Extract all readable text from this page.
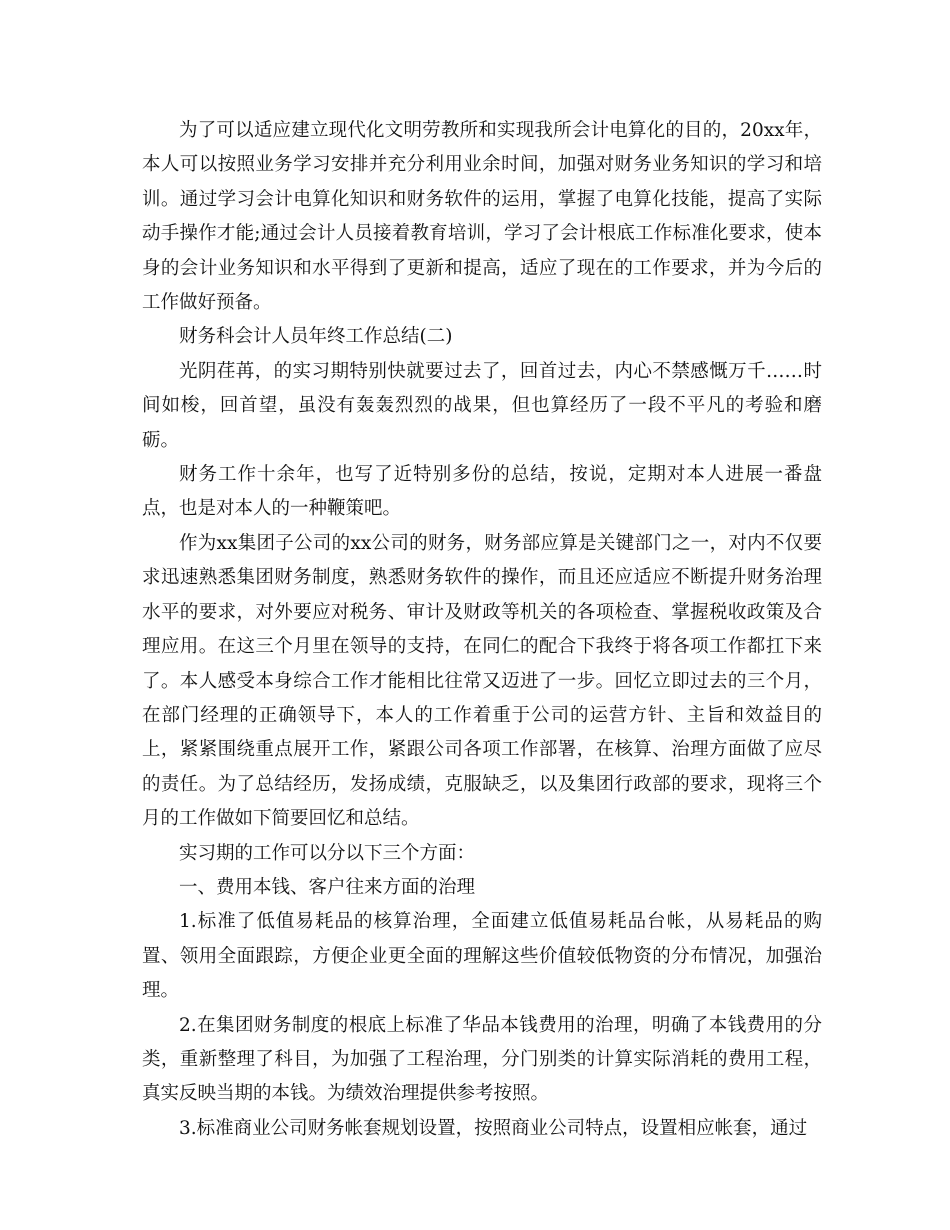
为了可以适应建立现代化文明劳教所和实现我所会计电算化的目的，20xx年，本人可以按照业务学习安排并充分利用业余时间，加强对财务业务知识的学习和培训。通过学习会计电算化知识和财务软件的运用，掌握了电算化技能，提高了实际动手操作才能;通过会计人员接着教育培训，学习了会计根底工作标准化要求，使本身的会计业务知识和水平得到了更新和提高，适应了现在的工作要求，并为今后的工作做好预备。

财务科会计人员年终工作总结(二)

光阴荏苒，的实习期特别快就要过去了，回首过去，内心不禁感慨万千……时间如梭，回首望，虽没有轰轰烈烈的战果，但也算经历了一段不平凡的考验和磨砺。

财务工作十余年，也写了近特别多份的总结，按说，定期对本人进展一番盘点，也是对本人的一种鞭策吧。

作为xx集团子公司的xx公司的财务，财务部应算是关键部门之一，对内不仅要求迅速熟悉集团财务制度，熟悉财务软件的操作，而且还应适应不断提升财务治理水平的要求，对外要应对税务、审计及财政等机关的各项检查、掌握税收政策及合理应用。在这三个月里在领导的支持，在同仁的配合下我终于将各项工作都扛下来了。本人感受本身综合工作才能相比往常又迈进了一步。回忆立即过去的三个月，在部门经理的正确领导下，本人的工作着重于公司的运营方针、主旨和效益目的上，紧紧围绕重点展开工作，紧跟公司各项工作部署，在核算、治理方面做了应尽的责任。为了总结经历，发扬成绩，克服缺乏，以及集团行政部的要求，现将三个月的工作做如下简要回忆和总结。

实习期的工作可以分以下三个方面：

一、费用本钱、客户往来方面的治理

1.标准了低值易耗品的核算治理，全面建立低值易耗品台帐，从易耗品的购置、领用全面跟踪，方便企业更全面的理解这些价值较低物资的分布情况，加强治理。

2.在集团财务制度的根底上标准了华品本钱费用的治理，明确了本钱费用的分类，重新整理了科目，为加强了工程治理，分门别类的计算实际消耗的费用工程，真实反映当期的本钱。为绩效治理提供参考按照。

3.标准商业公司财务帐套规划设置，按照商业公司特点，设置相应帐套，通过
